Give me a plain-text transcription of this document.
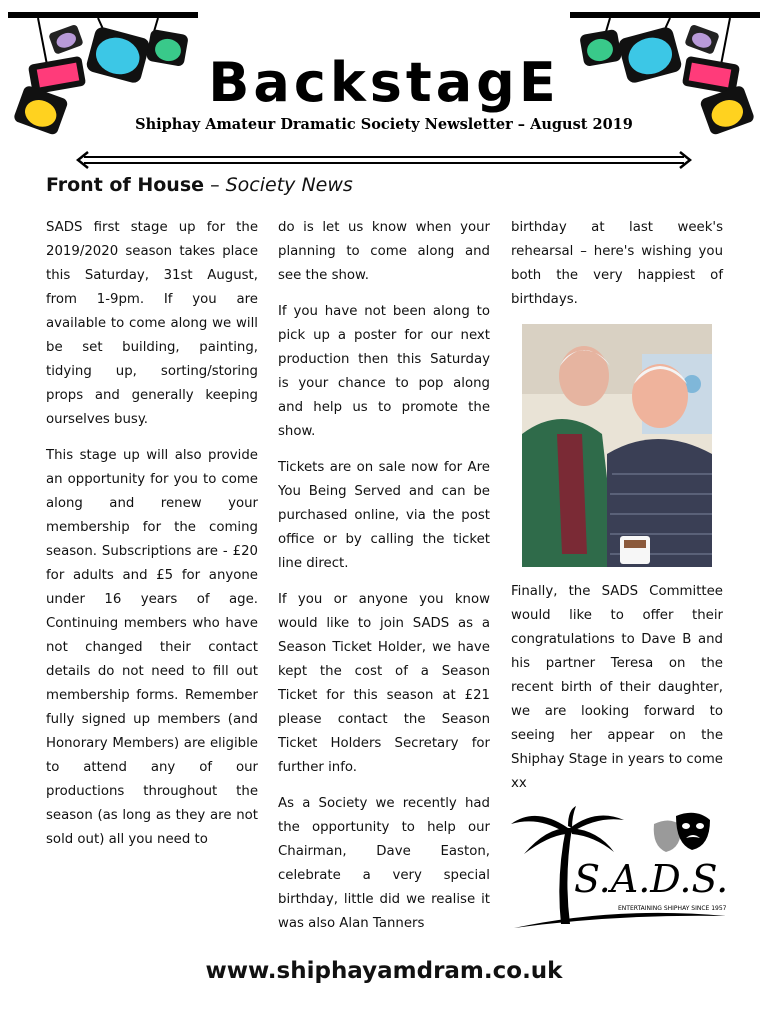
BackstagE
Shiphay Amateur Dramatic Society Newsletter – August 2019
Front of House – Society News

SADS first stage up for the 2019/2020 season takes place this Saturday, 31st August, from 1-9pm. If you are available to come along we will be set building, painting, tidying up, sorting/storing props and generally keeping ourselves busy.

This stage up will also provide an opportunity for you to come along and renew your membership for the coming season. Subscriptions are - £20 for adults and £5 for anyone under 16 years of age. Continuing members who have not changed their contact details do not need to fill out membership forms. Remember fully signed up members (and Honorary Members) are eligible to attend any of our productions throughout the season (as long as they are not sold out) all you need to

do is let us know when your planning to come along and see the show.

If you have not been along to pick up a poster for our next production then this Saturday is your chance to pop along and help us to promote the show.

Tickets are on sale now for Are You Being Served and can be purchased online, via the post office or by calling the ticket line direct.

If you or anyone you know would like to join SADS as a Season Ticket Holder, we have kept the cost of a Season Ticket for this season at £21 please contact the Season Ticket Holders Secretary for further info.

As a Society we recently had the opportunity to help our Chairman, Dave Easton, celebrate a very special birthday, little did we realise it was also Alan Tanners

birthday at last week's rehearsal – here's wishing you both the very happiest of birthdays.

Finally, the SADS Committee would like to offer their congratulations to Dave B and his partner Teresa on the recent birth of their daughter, we are looking forward to seeing her appear on the Shiphay Stage in years to come xx

S.A.D.S.
ENTERTAINING SHIPHAY SINCE 1957
www.shiphayamdram.co.uk
